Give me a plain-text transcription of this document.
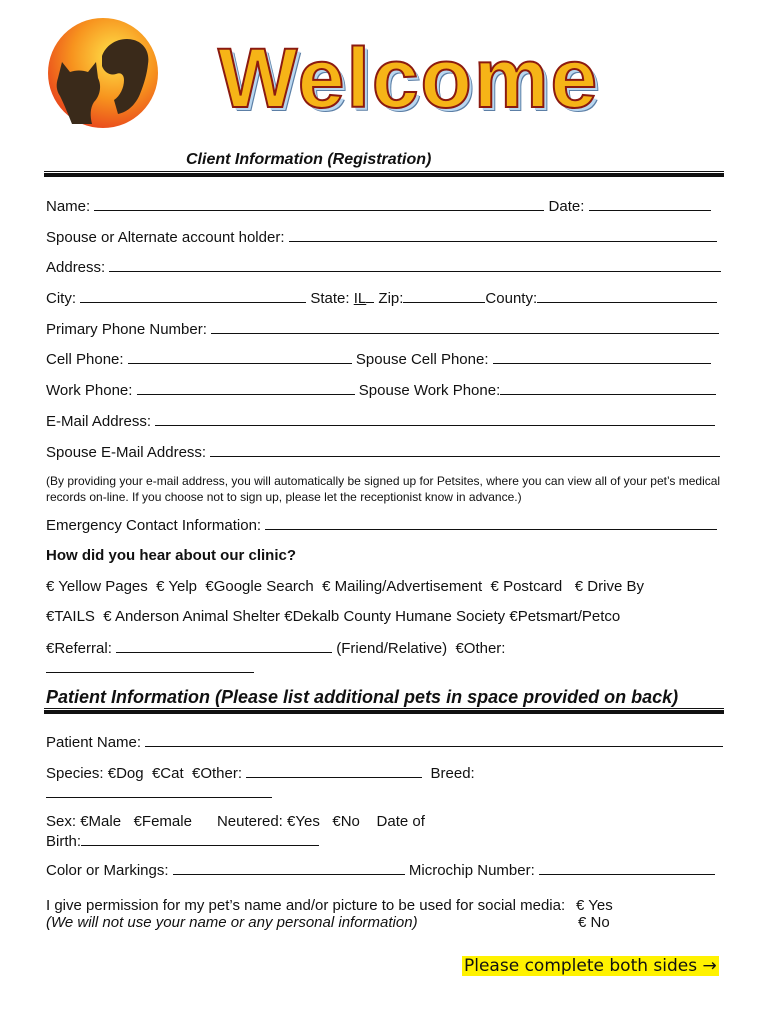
Welcome
Client Information (Registration)
Name:	Date:
Spouse or Alternate account holder:
Address:
City:	State: IL Zip:	County:
Primary Phone Number:
Cell Phone:	Spouse Cell Phone:
Work Phone:	Spouse Work Phone:
E-Mail Address:
Spouse E-Mail Address:
(By providing your e-mail address, you will automatically be signed up for Petsites, where you can view all of your pet’s medical records on-line. If you choose not to sign up, please let the receptionist know in advance.)
Emergency Contact Information:
How did you hear about our clinic?
€ Yellow Pages € Yelp €Google Search € Mailing/Advertisement € Postcard € Drive By
€TAILS € Anderson Animal Shelter €Dekalb County Humane Society €Petsmart/Petco
€Referral:	(Friend/Relative) €Other:
Patient Information (Please list additional pets in space provided on back)
Patient Name:
Species: €Dog €Cat €Other:	Breed:
Sex: €Male €Female Neutered: €Yes €No Date of
Birth:
Color or Markings:	Microchip Number:
I give permission for my pet’s name and/or picture to be used for social media: € Yes
(We will not use your name or any personal information)	€ No
Please complete both sides →
